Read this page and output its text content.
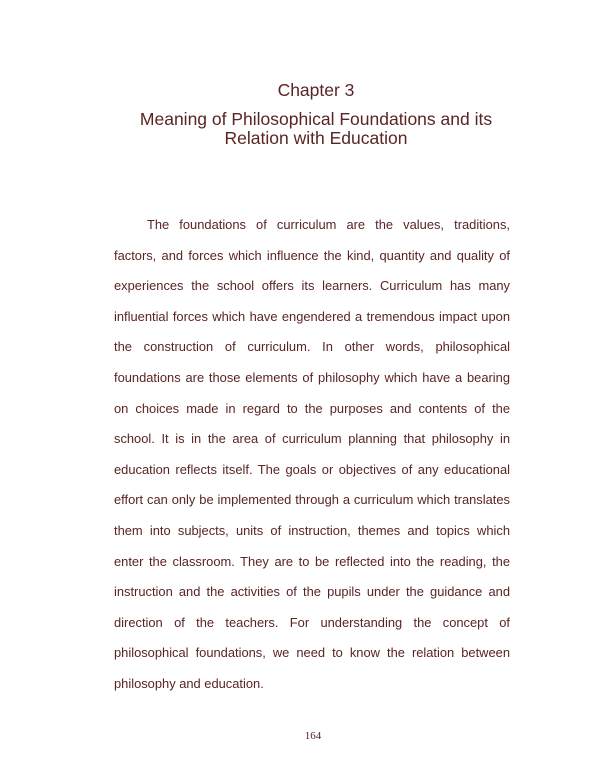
Chapter 3
Meaning of Philosophical Foundations and its
Relation with Education
The foundations of curriculum are the values, traditions,
factors, and forces which influence the kind, quantity and quality of
experiences the school offers its learners. Curriculum has many
influential forces which have engendered a tremendous impact upon
the construction of curriculum. In other words, philosophical
foundations are those elements of philosophy which have a bearing
on choices made in regard to the purposes and contents of the
school. It is in the area of curriculum planning that philosophy in
education reflects itself. The goals or objectives of any educational
effort can only be implemented through a curriculum which translates
them into subjects, units of instruction, themes and topics which
enter the classroom. They are to be reflected into the reading, the
instruction and the activities of the pupils under the guidance and
direction of the teachers. For understanding the concept of
philosophical foundations, we need to know the relation between
philosophy and education.
164
